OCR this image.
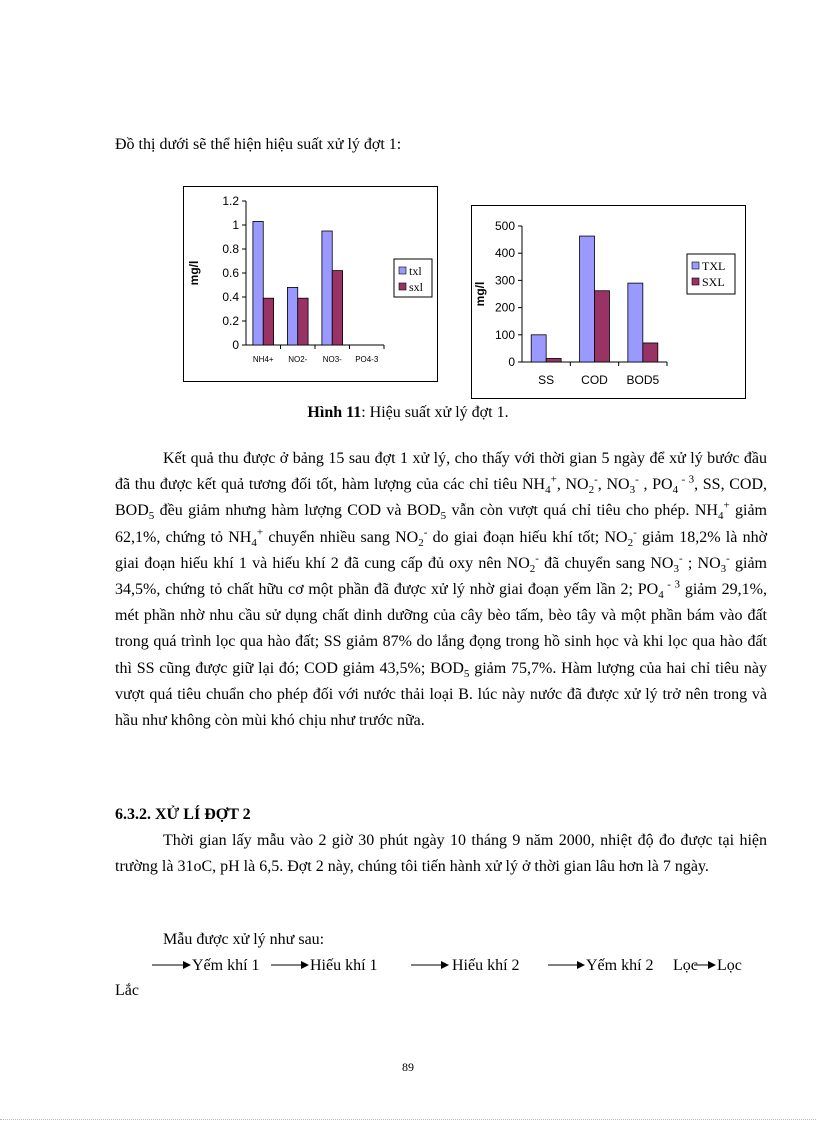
Đồ thị dưới sẽ thể hiện hiệu suất xử lý đợt 1:
0
0.2
0.4
0.6
0.8
1
1.2
mg/l
NH4+ NO2- NO3- PO4-3
txl
sxl
0
100
200
300
400
500
mg/l
SS COD BOD5
TXL
SXL
Hình 11: Hiệu suất xử lý đợt 1.

Kết quả thu được ở bảng 15 sau đợt 1 xử lý, cho thấy với thời gian 5 ngày để xử lý bước đầu đã thu được kết quả tương đối tốt, hàm lượng của các chỉ tiêu $NH_4^+$, $NO_2^-$, $NO_3^-$ , $PO_4$ $^{- 3}$, SS, COD, $BOD_5$ đều giảm nhưng hàm lượng COD và $BOD_5$ vẫn còn vượt quá chỉ tiêu cho phép. $NH_4^+$ giảm 62,1%, chứng tỏ $NH_4^+$ chuyển nhiều sang $NO_2^-$ do giai đoạn hiếu khí tốt; $NO_2^-$ giảm 18,2% là nhờ giai đoạn hiếu khí 1 và hiếu khí 2 đã cung cấp đủ oxy nên $NO_2^-$ đã chuyển sang $NO_3^-$ ; $NO_3^-$ giảm 34,5%, chứng tỏ chất hữu cơ một phần đã được xử lý nhờ giai đoạn yếm lần 2; $PO_4$ $^{- 3}$ giảm 29,1%, mét phần nhờ nhu cầu sử dụng chất dinh dưỡng của cây bèo tấm, bèo tây và một phần bám vào đất trong quá trình lọc qua hào đất; SS giảm 87% do lắng đọng trong hồ sinh học và khi lọc qua hào đất thì SS cũng được giữ lại đó; COD giảm 43,5%; $BOD_5$ giảm 75,7%. Hàm lượng của hai chỉ tiêu này vượt quá tiêu chuẩn cho phép đối với nước thải loại B. lúc này nước đã được xử lý trở nên trong và hầu như không còn mùi khó chịu như trước nữa.

6.3.2. XỬ LÍ ĐỢT 2
Thời gian lấy mẫu vào 2 giờ 30 phút ngày 10 tháng 9 năm 2000, nhiệt độ đo được tại hiện trường là 31oC, pH là 6,5. Đợt 2 này, chúng tôi tiến hành xử lý ở thời gian lâu hơn là 7 ngày.
Mẫu được xử lý như sau:
Yếm khí 1	Hiếu khí 1	Hiếu khí 2	Yếm khí 2 Lọc Lọc
Lắc
89
